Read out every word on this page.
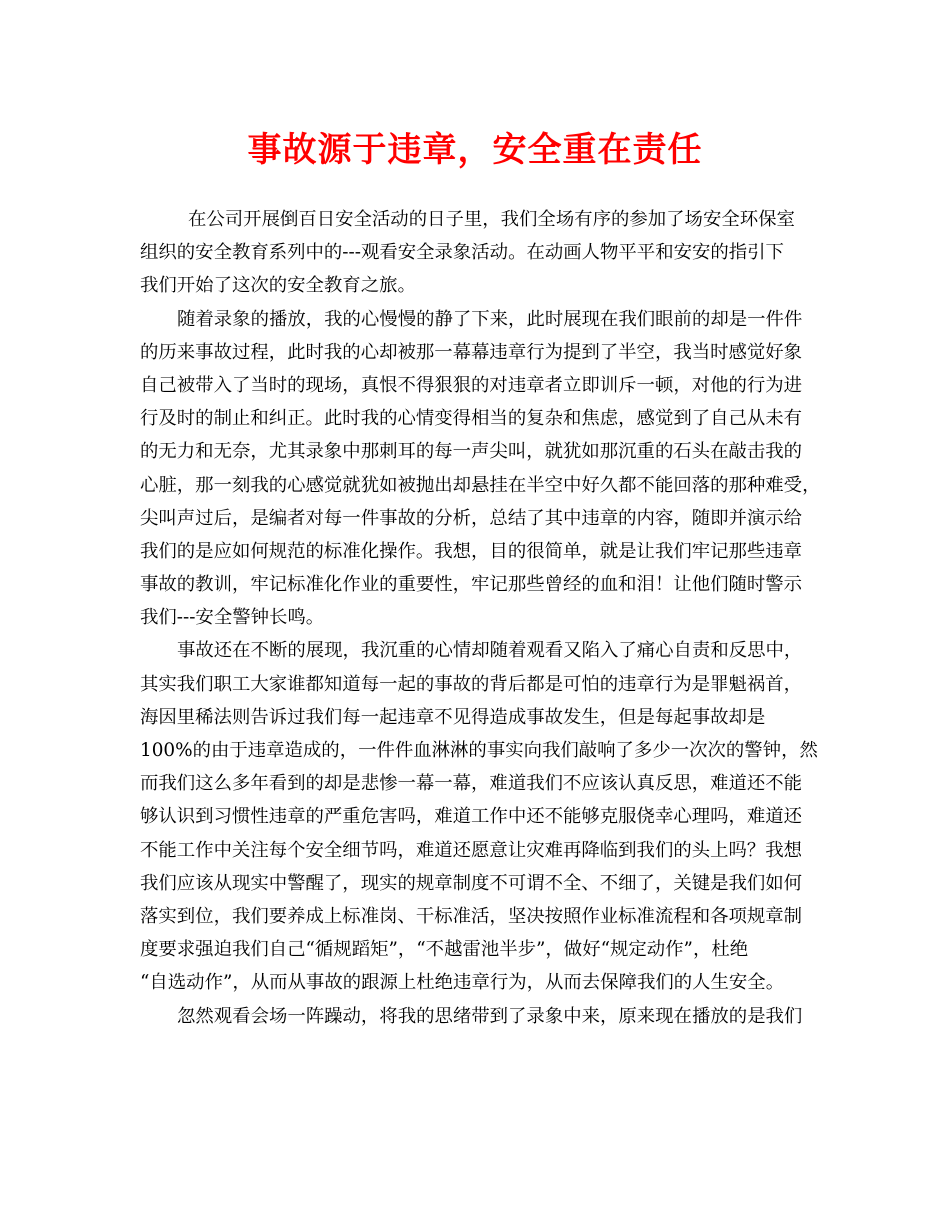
事故源于违章，安全重在责任
在公司开展倒百日安全活动的日子里，我们全场有序的参加了场安全环保室
组织的安全教育系列中的---观看安全录象活动。在动画人物平平和安安的指引下
我们开始了这次的安全教育之旅。
随着录象的播放，我的心慢慢的静了下来，此时展现在我们眼前的却是一件件
的历来事故过程，此时我的心却被那一幕幕违章行为提到了半空，我当时感觉好象
自己被带入了当时的现场，真恨不得狠狠的对违章者立即训斥一顿，对他的行为进
行及时的制止和纠正。此时我的心情变得相当的复杂和焦虑，感觉到了自己从未有
的无力和无奈，尤其录象中那刺耳的每一声尖叫，就犹如那沉重的石头在敲击我的
心脏，那一刻我的心感觉就犹如被抛出却悬挂在半空中好久都不能回落的那种难受，
尖叫声过后，是编者对每一件事故的分析，总结了其中违章的内容，随即并演示给
我们的是应如何规范的标准化操作。我想，目的很简单，就是让我们牢记那些违章
事故的教训，牢记标准化作业的重要性，牢记那些曾经的血和泪！让他们随时警示
我们---安全警钟长鸣。
事故还在不断的展现，我沉重的心情却随着观看又陷入了痛心自责和反思中，
其实我们职工大家谁都知道每一起的事故的背后都是可怕的违章行为是罪魁祸首，
海因里稀法则告诉过我们每一起违章不见得造成事故发生，但是每起事故却是
100%的由于违章造成的，一件件血淋淋的事实向我们敲响了多少一次次的警钟，然
而我们这么多年看到的却是悲惨一幕一幕，难道我们不应该认真反思，难道还不能
够认识到习惯性违章的严重危害吗，难道工作中还不能够克服侥幸心理吗，难道还
不能工作中关注每个安全细节吗，难道还愿意让灾难再降临到我们的头上吗？我想
我们应该从现实中警醒了，现实的规章制度不可谓不全、不细了，关键是我们如何
落实到位，我们要养成上标准岗、干标准活，坚决按照作业标准流程和各项规章制
度要求强迫我们自己“循规蹈矩”，“不越雷池半步”，做好“规定动作”，杜绝
“自选动作”，从而从事故的跟源上杜绝违章行为，从而去保障我们的人生安全。
忽然观看会场一阵躁动，将我的思绪带到了录象中来，原来现在播放的是我们
